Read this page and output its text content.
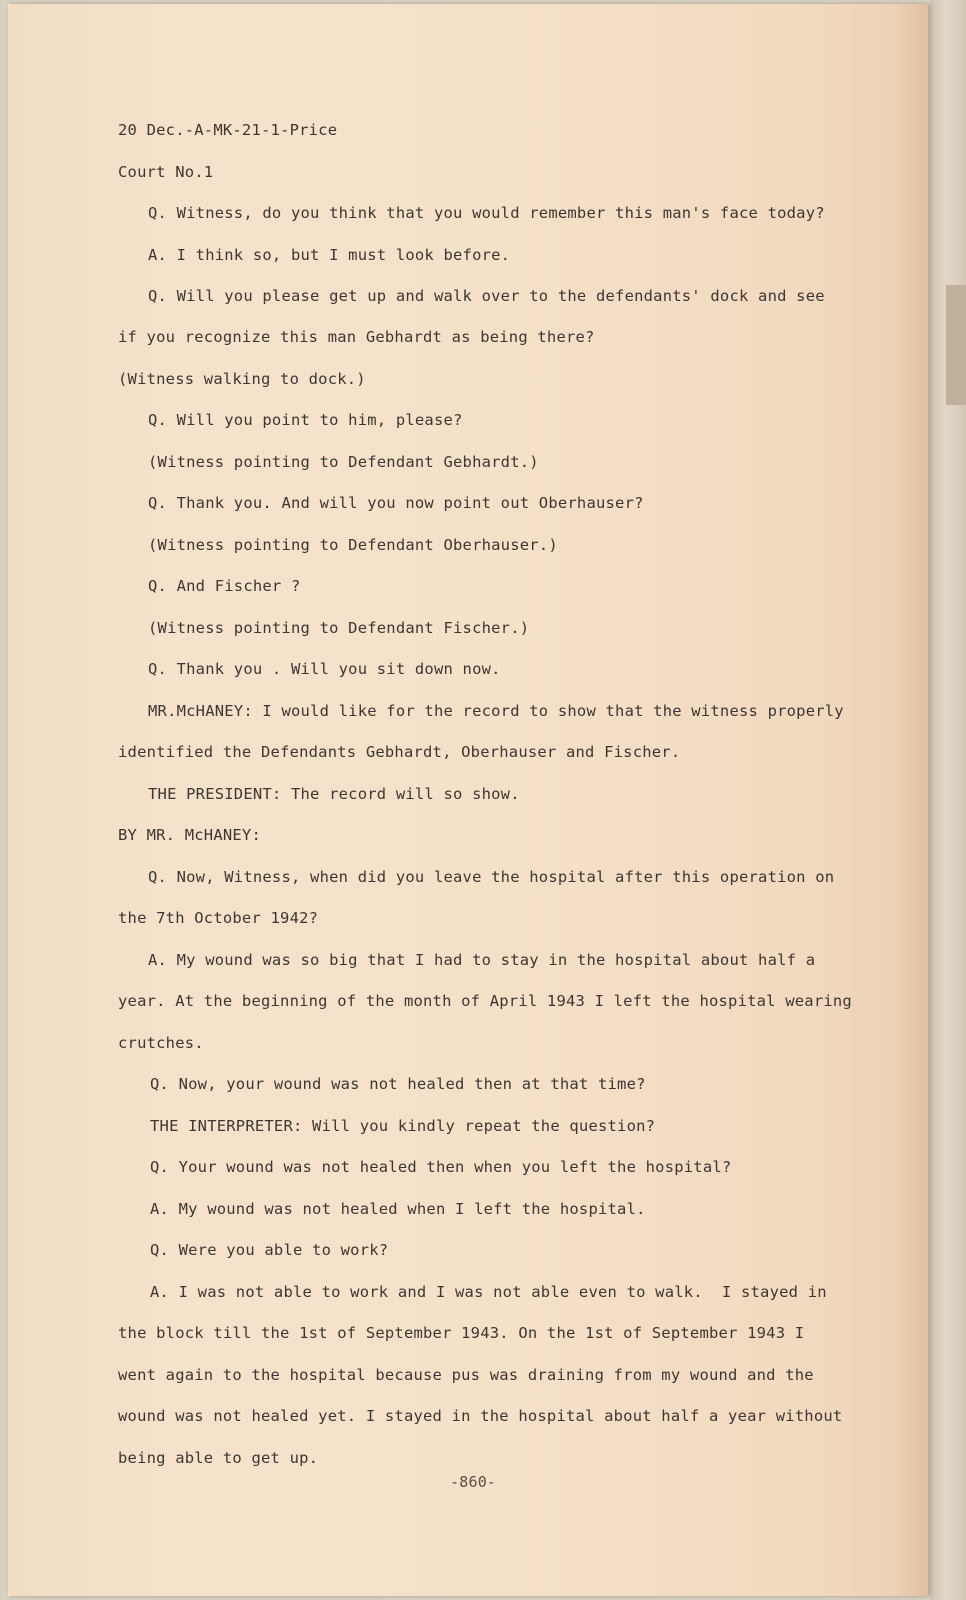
20 Dec.-A-MK-21-1-Price
Court No.1
Q. Witness, do you think that you would remember this man's face today?
A. I think so, but I must look before.
Q. Will you please get up and walk over to the defendants' dock and see
if you recognize this man Gebhardt as being there?
(Witness walking to dock.)
Q. Will you point to him, please?
(Witness pointing to Defendant Gebhardt.)
Q. Thank you. And will you now point out Oberhauser?
(Witness pointing to Defendant Oberhauser.)
Q. And Fischer ?
(Witness pointing to Defendant Fischer.)
Q. Thank you . Will you sit down now.
MR.McHANEY: I would like for the record to show that the witness properly
identified the Defendants Gebhardt, Oberhauser and Fischer.
THE PRESIDENT: The record will so show.
BY MR. McHANEY:
Q. Now, Witness, when did you leave the hospital after this operation on
the 7th October 1942?
A. My wound was so big that I had to stay in the hospital about half a
year. At the beginning of the month of April 1943 I left the hospital wearing
crutches.
Q. Now, your wound was not healed then at that time?
THE INTERPRETER: Will you kindly repeat the question?
Q. Your wound was not healed then when you left the hospital?
A. My wound was not healed when I left the hospital.
Q. Were you able to work?
A. I was not able to work and I was not able even to walk.  I stayed in
the block till the 1st of September 1943. On the 1st of September 1943 I
went again to the hospital because pus was draining from my wound and the
wound was not healed yet. I stayed in the hospital about half a year without
being able to get up.
-860-
